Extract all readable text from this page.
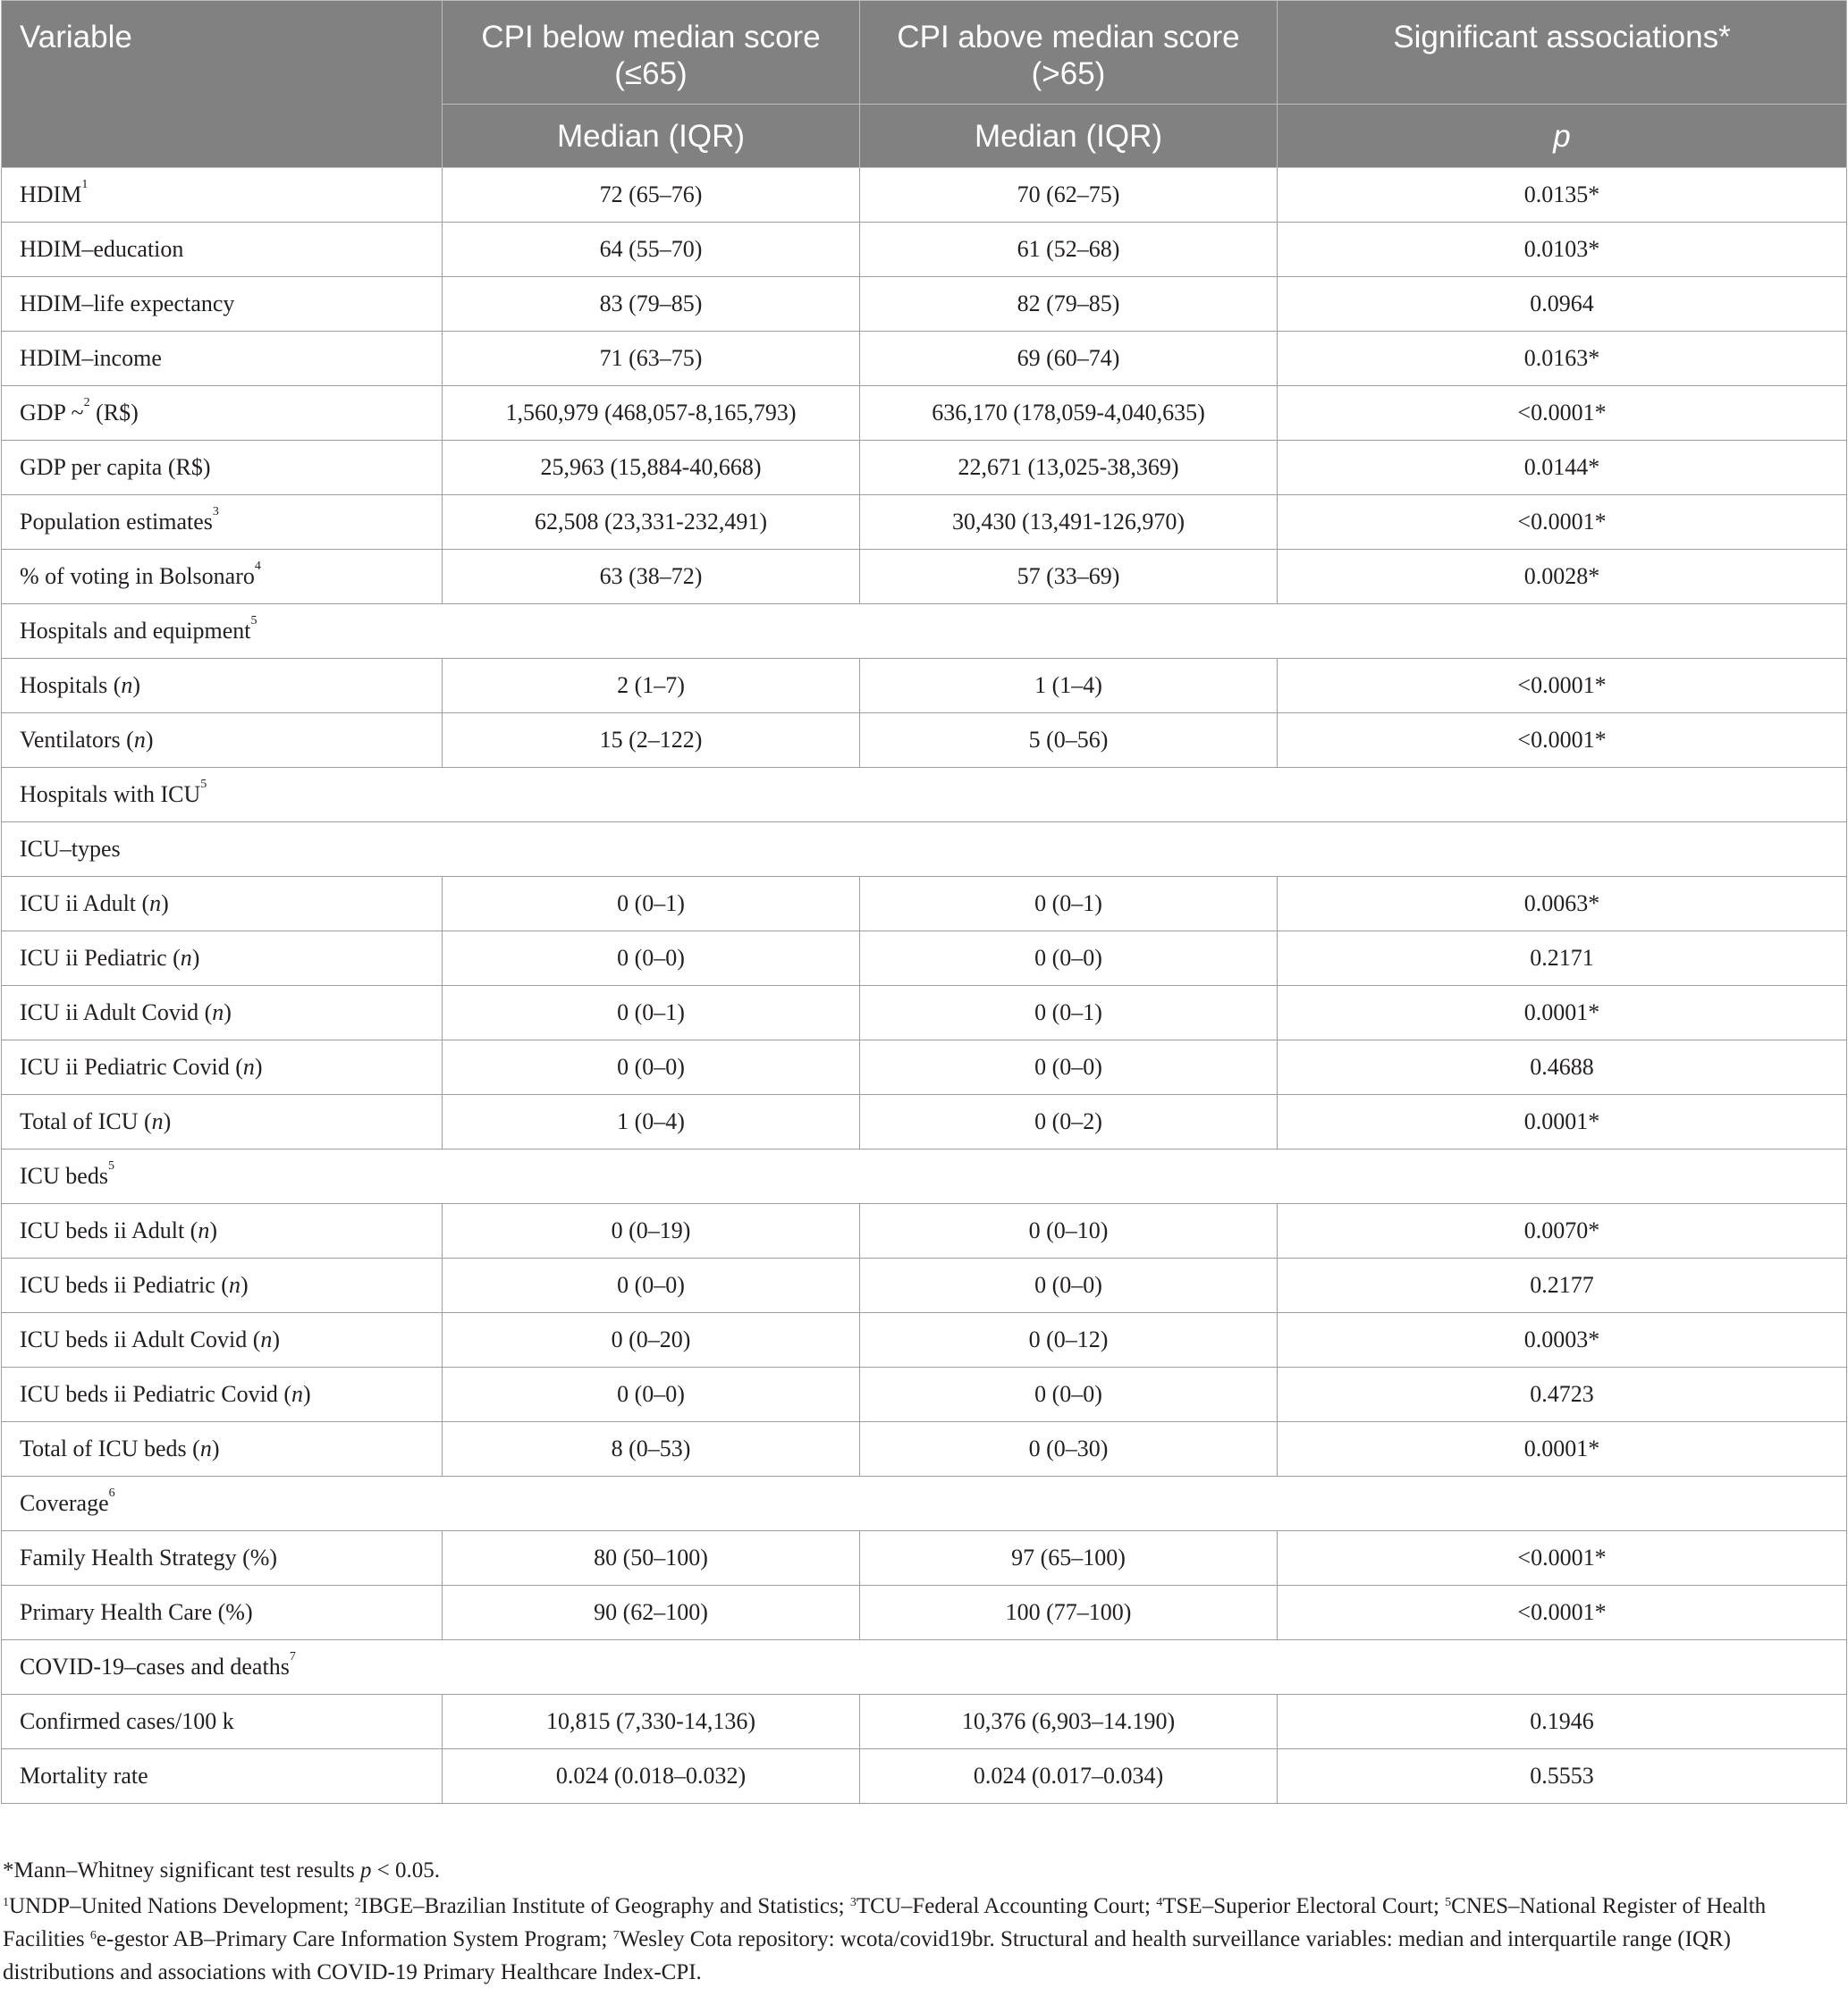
Variable	CPI below median score (≤65)	CPI above median score (>65)	Significant associations*
	Median (IQR)	Median (IQR)	p
HDIM$^1$	72 (65–76)	70 (62–75)	0.0135*
HDIM–education	64 (55–70)	61 (52–68)	0.0103*
HDIM–life expectancy	83 (79–85)	82 (79–85)	0.0964
HDIM–income	71 (63–75)	69 (60–74)	0.0163*
GDP ~$^2$ (R$)	1,560,979 (468,057-8,165,793)	636,170 (178,059-4,040,635)	<0.0001*
GDP per capita (R$)	25,963 (15,884-40,668)	22,671 (13,025-38,369)	0.0144*
Population estimates$^3$	62,508 (23,331-232,491)	30,430 (13,491-126,970)	<0.0001*
% of voting in Bolsonaro$^4$	63 (38–72)	57 (33–69)	0.0028*
Hospitals and equipment$^5$
Hospitals (n)	2 (1–7)	1 (1–4)	<0.0001*
Ventilators (n)	15 (2–122)	5 (0–56)	<0.0001*
Hospitals with ICU$^5$
ICU–types			
ICU ii Adult (n)	0 (0–1)	0 (0–1)	0.0063*
ICU ii Pediatric (n)	0 (0–0)	0 (0–0)	0.2171
ICU ii Adult Covid (n)	0 (0–1)	0 (0–1)	0.0001*
ICU ii Pediatric Covid (n)	0 (0–0)	0 (0–0)	0.4688
Total of ICU (n)	1 (0–4)	0 (0–2)	0.0001*
ICU beds$^5$
ICU beds ii Adult (n)	0 (0–19)	0 (0–10)	0.0070*
ICU beds ii Pediatric (n)	0 (0–0)	0 (0–0)	0.2177
ICU beds ii Adult Covid (n)	0 (0–20)	0 (0–12)	0.0003*
ICU beds ii Pediatric Covid (n)	0 (0–0)	0 (0–0)	0.4723
Total of ICU beds (n)	8 (0–53)	0 (0–30)	0.0001*
Coverage$^6$
Family Health Strategy (%)	80 (50–100)	97 (65–100)	<0.0001*
Primary Health Care (%)	90 (62–100)	100 (77–100)	<0.0001*
COVID-19–cases and deaths$^7$
Confirmed cases/100 k	10,815 (7,330-14,136)	10,376 (6,903–14.190)	0.1946
Mortality rate	0.024 (0.018–0.032)	0.024 (0.017–0.034)	0.5553

*Mann–Whitney significant test results p < 0.05.

$^1$UNDP–United Nations Development; $^2$IBGE–Brazilian Institute of Geography and Statistics; $^3$TCU–Federal Accounting Court; $^4$TSE–Superior Electoral Court; $^5$CNES–National Register of Health Facilities $^6$e-gestor AB–Primary Care Information System Program; $^7$Wesley Cota repository: wcota/covid19br. Structural and health surveillance variables: median and interquartile range (IQR) distributions and associations with COVID-19 Primary Healthcare Index-CPI.
